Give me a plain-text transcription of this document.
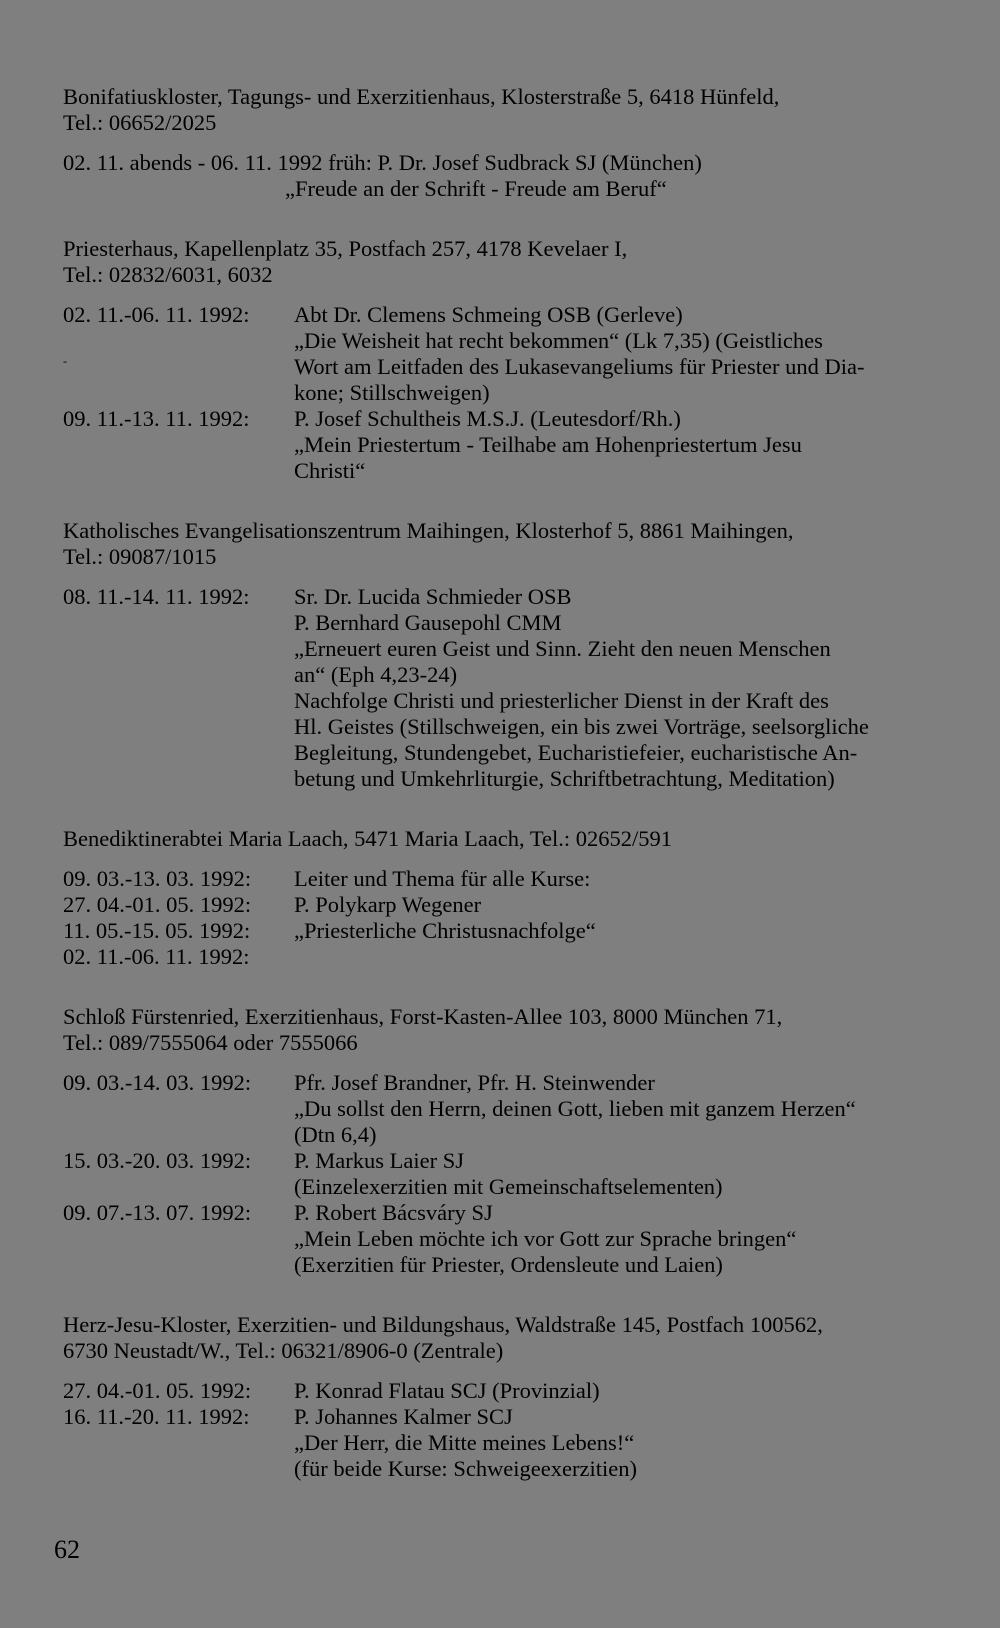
Bonifatiuskloster, Tagungs- und Exerzitienhaus, Klosterstraße 5, 6418 Hünfeld,
Tel.: 06652/2025
02. 11. abends - 06. 11. 1992 früh: P. Dr. Josef Sudbrack SJ (München)
„Freude an der Schrift - Freude am Beruf“
Priesterhaus, Kapellenplatz 35, Postfach 257, 4178 Kevelaer I,
Tel.: 02832/6031, 6032
02. 11.-06. 11. 1992:	Abt Dr. Clemens Schmeing OSB (Gerleve)
„Die Weisheit hat recht bekommen“ (Lk 7,35) (Geistliches
Wort am Leitfaden des Lukasevangeliums für Priester und Dia-
kone; Stillschweigen)
09. 11.-13. 11. 1992:	P. Josef Schultheis M.S.J. (Leutesdorf/Rh.)
„Mein Priestertum - Teilhabe am Hohenpriestertum Jesu
Christi“
Katholisches Evangelisationszentrum Maihingen, Klosterhof 5, 8861 Maihingen,
Tel.: 09087/1015
08. 11.-14. 11. 1992:	Sr. Dr. Lucida Schmieder OSB
P. Bernhard Gausepohl CMM
„Erneuert euren Geist und Sinn. Zieht den neuen Menschen
an“ (Eph 4,23-24)
Nachfolge Christi und priesterlicher Dienst in der Kraft des
Hl. Geistes (Stillschweigen, ein bis zwei Vorträge, seelsorgliche
Begleitung, Stundengebet, Eucharistiefeier, eucharistische An-
betung und Umkehrliturgie, Schriftbetrachtung, Meditation)
Benediktinerabtei Maria Laach, 5471 Maria Laach, Tel.: 02652/591
09. 03.-13. 03. 1992:	Leiter und Thema für alle Kurse:
27. 04.-01. 05. 1992:	P. Polykarp Wegener
11. 05.-15. 05. 1992:	„Priesterliche Christusnachfolge“
02. 11.-06. 11. 1992:

Schloß Fürstenried, Exerzitienhaus, Forst-Kasten-Allee 103, 8000 München 71,
Tel.: 089/7555064 oder 7555066
09. 03.-14. 03. 1992:	Pfr. Josef Brandner, Pfr. H. Steinwender
„Du sollst den Herrn, deinen Gott, lieben mit ganzem Herzen“
(Dtn 6,4)
15. 03.-20. 03. 1992:	P. Markus Laier SJ
(Einzelexerzitien mit Gemeinschaftselementen)
09. 07.-13. 07. 1992:	P. Robert Bácsváry SJ
„Mein Leben möchte ich vor Gott zur Sprache bringen“
(Exerzitien für Priester, Ordensleute und Laien)
Herz-Jesu-Kloster, Exerzitien- und Bildungshaus, Waldstraße 145, Postfach 100562,
6730 Neustadt/W., Tel.: 06321/8906-0 (Zentrale)
27. 04.-01. 05. 1992:	P. Konrad Flatau SCJ (Provinzial)
16. 11.-20. 11. 1992:	P. Johannes Kalmer SCJ
„Der Herr, die Mitte meines Lebens!“
(für beide Kurse: Schweigeexerzitien)
-
62
